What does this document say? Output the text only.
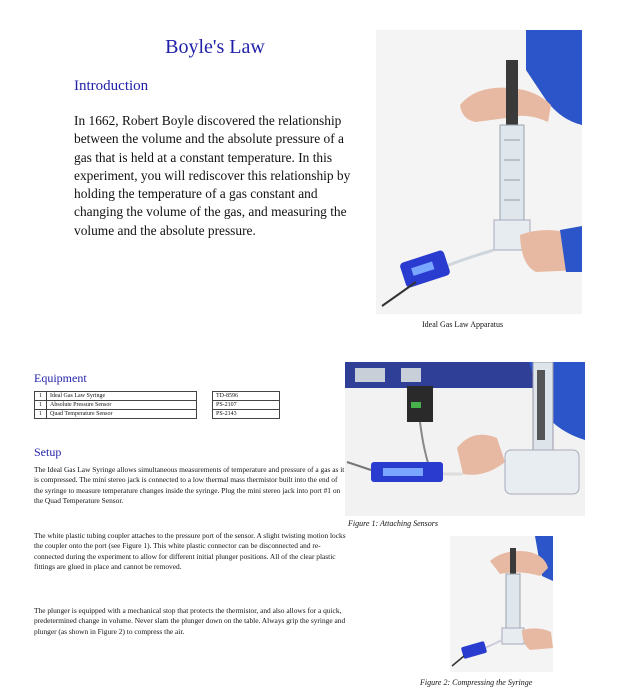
Boyle's Law
Introduction
In 1662, Robert Boyle discovered the relationship between the volume and the absolute pressure of a gas that is held at a constant temperature. In this experiment, you will rediscover this relationship by holding the temperature of a gas constant and changing the volume of the gas, and measuring the volume and the absolute pressure.
Ideal Gas Law Apparatus
Figure 1: Attaching Sensors
Figure 2: Compressing the Syringe
Equipment
1	Ideal Gas Law Syringe		TD-8596
1	Absolute Pressure Sensor		PS-2107
1	Quad Temperature Sensor		PS-2143
Setup
The Ideal Gas Law Syringe allows simultaneous measurements of temperature and pressure of a gas as it is compressed. The mini stereo jack is connected to a low thermal mass thermistor built into the end of the syringe to measure temperature changes inside the syringe. Plug the mini stereo jack into port #1 on the Quad Temperature Sensor.
The white plastic tubing coupler attaches to the pressure port of the sensor. A slight twisting motion locks the coupler onto the port (see Figure 1). This white plastic connector can be disconnected and re-connected during the experiment to allow for different initial plunger positions. All of the clear plastic fittings are glued in place and cannot be removed.
The plunger is equipped with a mechanical stop that protects the thermistor, and also allows for a quick, predetermined change in volume. Never slam the plunger down on the table. Always grip the syringe and plunger (as shown in Figure 2) to compress the air.
